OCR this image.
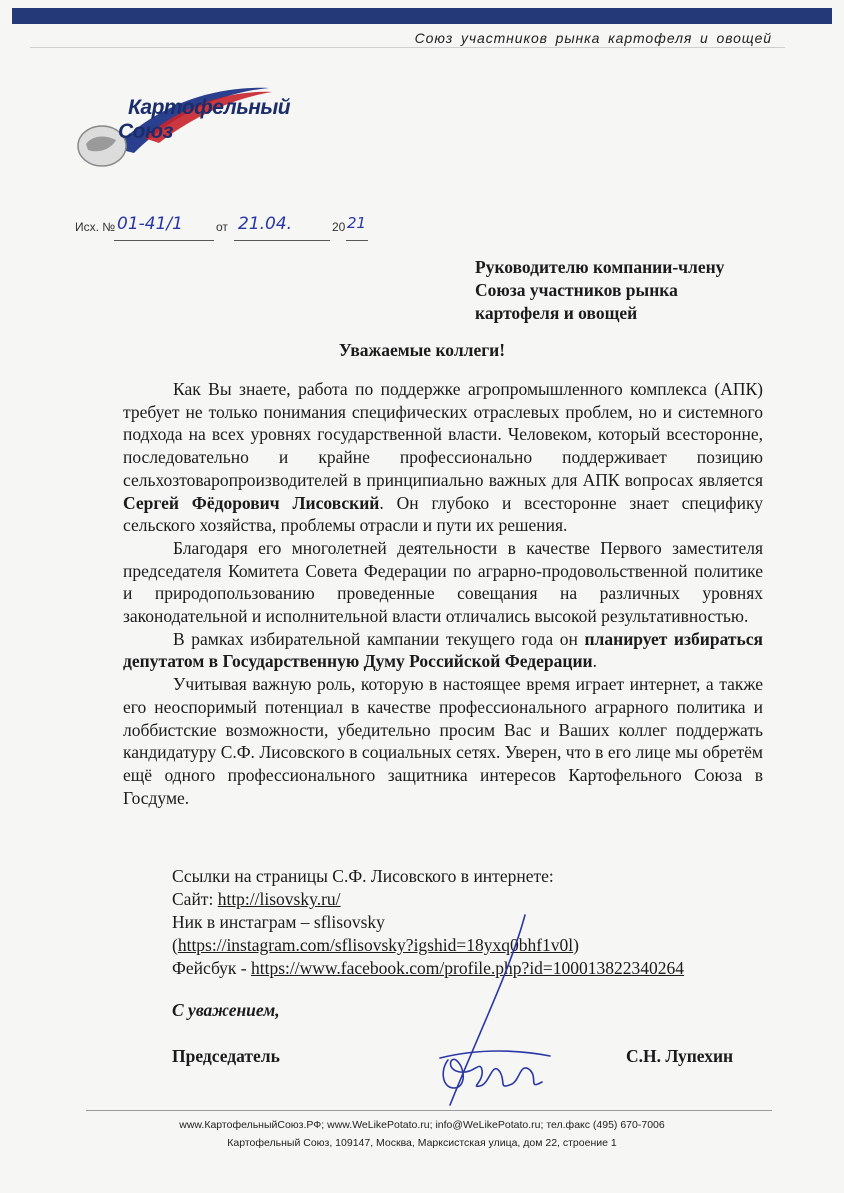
Союз участников рынка картофеля и овощей
Картофельный
Союз
Исх. № 01-41/1	от 21.04.	20 21
Руководителю компании-члену
Союза участников рынка
картофеля и овощей
Уважаемые коллеги!

Как Вы знаете, работа по поддержке агропромышленного комплекса (АПК) требует не только понимания специфических отраслевых проблем, но и системного подхода на всех уровнях государственной власти. Человеком, который всесторонне, последовательно и крайне профессионально поддерживает позицию сельхозтоваропроизводителей в принципиально важных для АПК вопросах является Сергей Фёдорович Лисовский. Он глубоко и всесторонне знает специфику сельского хозяйства, проблемы отрасли и пути их решения.

Благодаря его многолетней деятельности в качестве Первого заместителя председателя Комитета Совета Федерации по аграрно-продовольственной политике и природопользованию проведенные совещания на различных уровнях законодательной и исполнительной власти отличались высокой результативностью.

В рамках избирательной кампании текущего года он планирует избираться депутатом в Государственную Думу Российской Федерации.

Учитывая важную роль, которую в настоящее время играет интернет, а также его неоспоримый потенциал в качестве профессионального аграрного политика и лоббистские возможности, убедительно просим Вас и Ваших коллег поддержать кандидатуру С.Ф. Лисовского в социальных сетях. Уверен, что в его лице мы обретём ещё одного профессионального защитника интересов Картофельного Союза в Госдуме.

Ссылки на страницы С.Ф. Лисовского в интернете:
Сайт: http://lisovsky.ru/
Ник в инстаграм – sflisovsky
(https://instagram.com/sflisovsky?igshid=18yxq0bhf1v0l)
Фейсбук - https://www.facebook.com/profile.php?id=100013822340264
С уважением,
Председатель	С.Н. Лупехин
www.КартофельныйСоюз.РФ; www.WeLikePotato.ru; info@WeLikePotato.ru; тел.факс (495) 670-7006
Картофельный Союз, 109147, Москва, Марксистская улица, дом 22, строение 1
